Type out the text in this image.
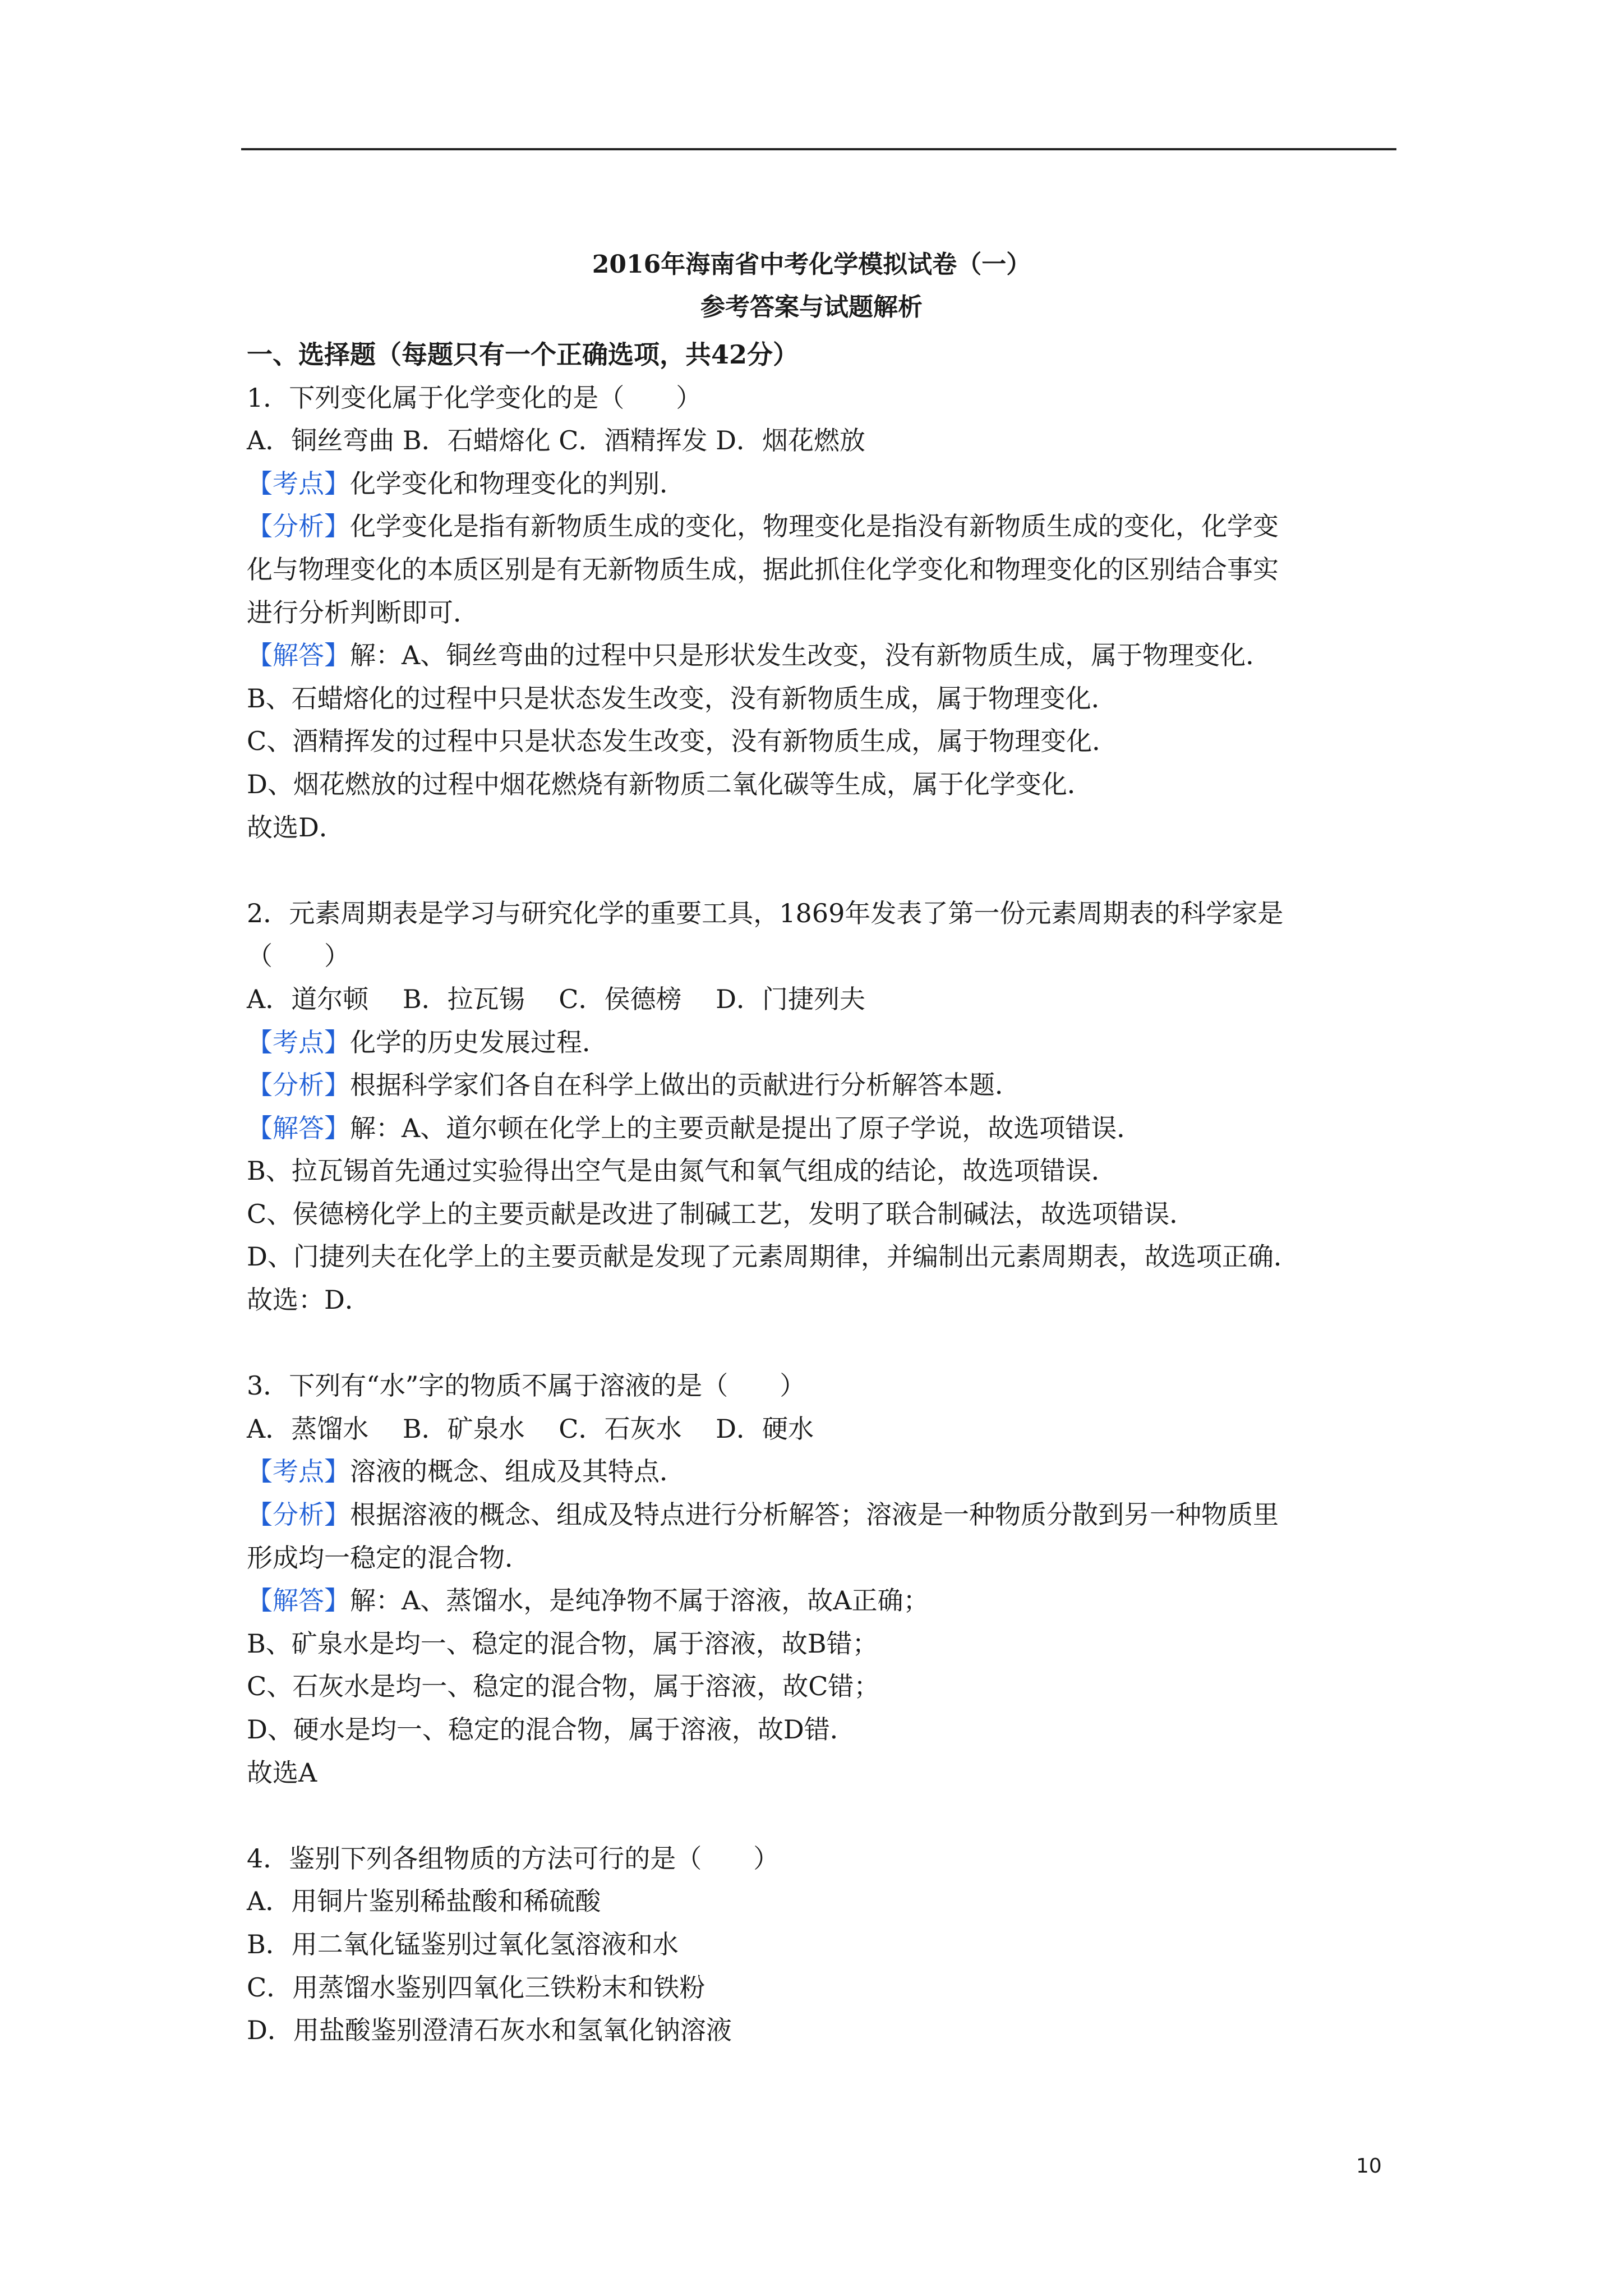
2016年海南省中考化学模拟试卷（一）
参考答案与试题解析
一、选择题（每题只有一个正确选项，共42分）
1．下列变化属于化学变化的是（　　）
A．铜丝弯曲 B．石蜡熔化 C．酒精挥发 D．烟花燃放
【考点】化学变化和物理变化的判别．
【分析】化学变化是指有新物质生成的变化，物理变化是指没有新物质生成的变化，化学变
化与物理变化的本质区别是有无新物质生成，据此抓住化学变化和物理变化的区别结合事实
进行分析判断即可．
【解答】解：A、铜丝弯曲的过程中只是形状发生改变，没有新物质生成，属于物理变化．
B、石蜡熔化的过程中只是状态发生改变，没有新物质生成，属于物理变化．
C、酒精挥发的过程中只是状态发生改变，没有新物质生成，属于物理变化．
D、烟花燃放的过程中烟花燃烧有新物质二氧化碳等生成，属于化学变化．
故选D．
2．元素周期表是学习与研究化学的重要工具，1869年发表了第一份元素周期表的科学家是
（　　）
A．道尔顿　 B．拉瓦锡　 C．侯德榜　 D．门捷列夫
【考点】化学的历史发展过程．
【分析】根据科学家们各自在科学上做出的贡献进行分析解答本题．
【解答】解：A、道尔顿在化学上的主要贡献是提出了原子学说，故选项错误．
B、拉瓦锡首先通过实验得出空气是由氮气和氧气组成的结论，故选项错误．
C、侯德榜化学上的主要贡献是改进了制碱工艺，发明了联合制碱法，故选项错误．
D、门捷列夫在化学上的主要贡献是发现了元素周期律，并编制出元素周期表，故选项正确．
故选：D．
3．下列有“水”字的物质不属于溶液的是（　　）
A．蒸馏水　 B．矿泉水　 C．石灰水　 D．硬水
【考点】溶液的概念、组成及其特点．
【分析】根据溶液的概念、组成及特点进行分析解答；溶液是一种物质分散到另一种物质里
形成均一稳定的混合物．
【解答】解：A、蒸馏水，是纯净物不属于溶液，故A正确；
B、矿泉水是均一、稳定的混合物，属于溶液，故B错；
C、石灰水是均一、稳定的混合物，属于溶液，故C错；
D、硬水是均一、稳定的混合物，属于溶液，故D错．
故选A
4．鉴别下列各组物质的方法可行的是（　　）
A．用铜片鉴别稀盐酸和稀硫酸
B．用二氧化锰鉴别过氧化氢溶液和水
C．用蒸馏水鉴别四氧化三铁粉末和铁粉
D．用盐酸鉴别澄清石灰水和氢氧化钠溶液
10
